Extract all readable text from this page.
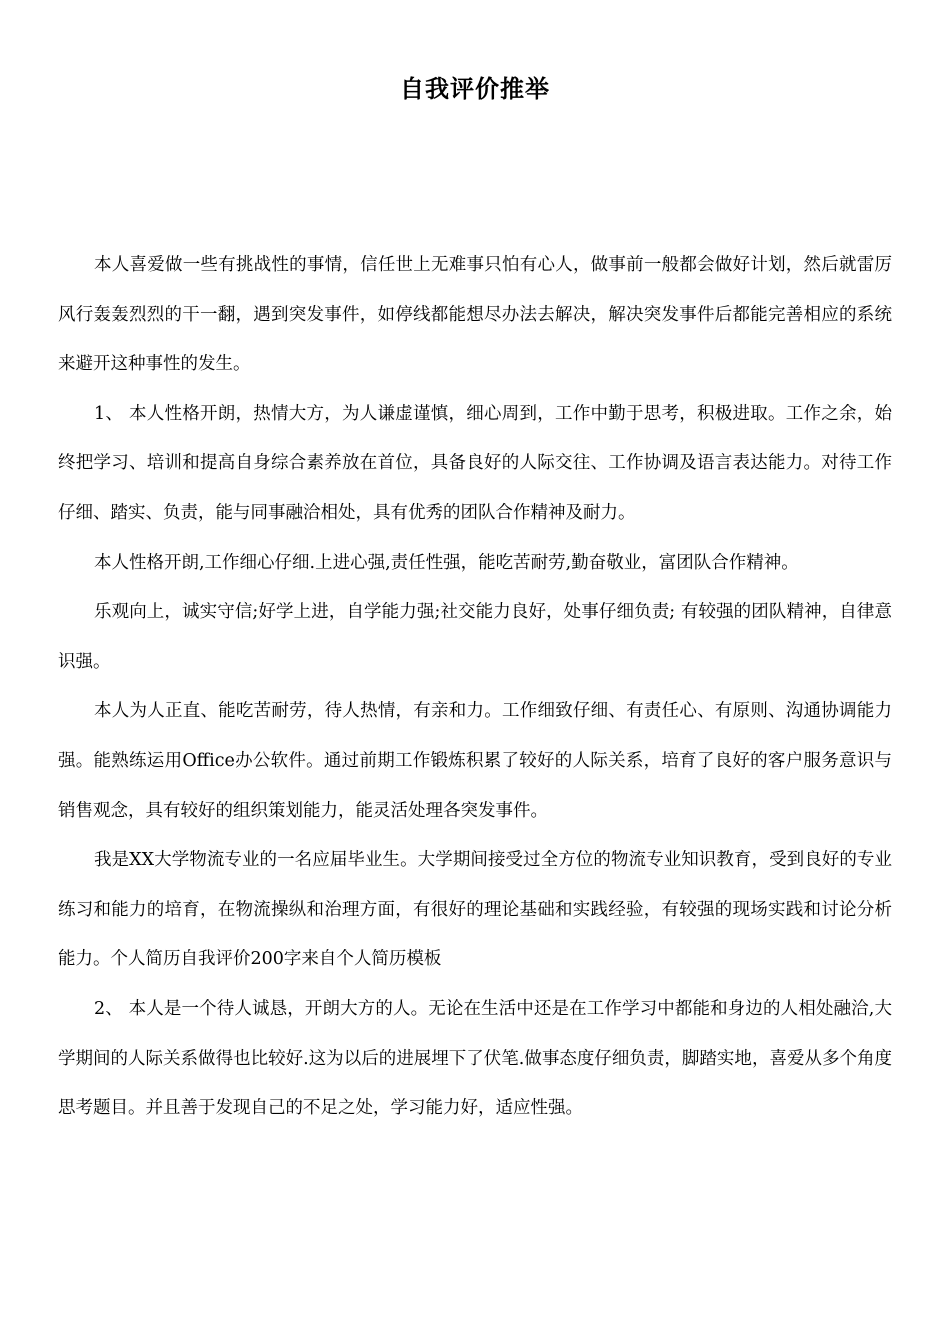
自我评价推举

本人喜爱做一些有挑战性的事情，信任世上无难事只怕有心人，做事前一般都会做好计划，然后就雷厉风行轰轰烈烈的干一翻，遇到突发事件，如停线都能想尽办法去解决，解决突发事件后都能完善相应的系统来避开这种事性的发生。

1、 本人性格开朗，热情大方，为人谦虚谨慎，细心周到，工作中勤于思考，积极进取。工作之余，始终把学习、培训和提高自身综合素养放在首位，具备良好的人际交往、工作协调及语言表达能力。对待工作仔细、踏实、负责，能与同事融洽相处，具有优秀的团队合作精神及耐力。

本人性格开朗,工作细心仔细.上进心强,责任性强，能吃苦耐劳,勤奋敬业，富团队合作精神。

乐观向上，诚实守信;好学上进，自学能力强;社交能力良好，处事仔细负责; 有较强的团队精神，自律意识强。

本人为人正直、能吃苦耐劳，待人热情，有亲和力。工作细致仔细、有责任心、有原则、沟通协调能力强。能熟练运用Office办公软件。通过前期工作锻炼积累了较好的人际关系，培育了良好的客户服务意识与销售观念，具有较好的组织策划能力，能灵活处理各突发事件。

我是XX大学物流专业的一名应届毕业生。大学期间接受过全方位的物流专业知识教育，受到良好的专业练习和能力的培育，在物流操纵和治理方面，有很好的理论基础和实践经验，有较强的现场实践和讨论分析能力。个人简历自我评价200字来自个人简历模板

2、 本人是一个待人诚恳，开朗大方的人。无论在生活中还是在工作学习中都能和身边的人相处融洽,大学期间的人际关系做得也比较好.这为以后的进展埋下了伏笔.做事态度仔细负责，脚踏实地，喜爱从多个角度思考题目。并且善于发现自己的不足之处，学习能力好，适应性强。
